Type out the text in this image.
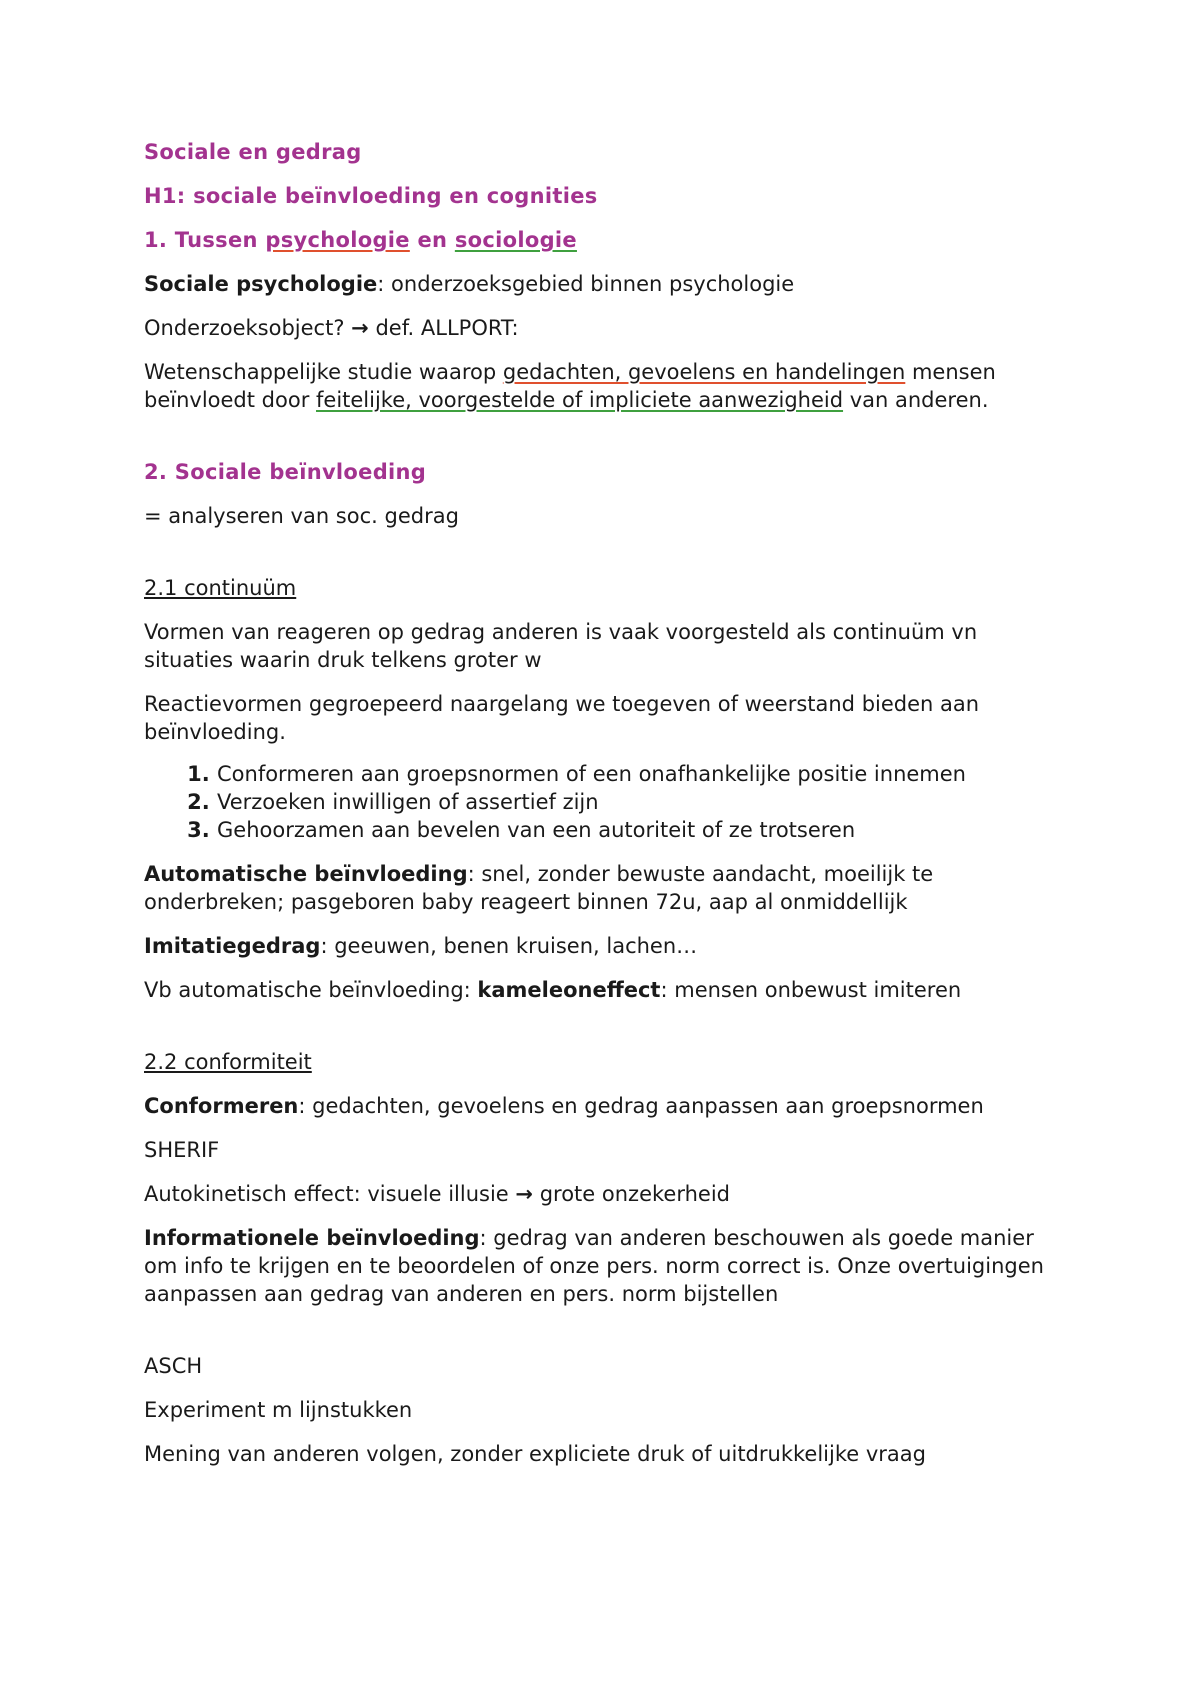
Sociale en gedrag

H1: sociale beïnvloeding en cognities

1. Tussen psychologie en sociologie

Sociale psychologie: onderzoeksgebied binnen psychologie

Onderzoeksobject? → def. ALLPORT:

Wetenschappelijke studie waarop gedachten, gevoelens en handelingen mensen beïnvloedt door feitelijke, voorgestelde of impliciete aanwezigheid van anderen.

2. Sociale beïnvloeding

= analyseren van soc. gedrag

2.1 continuüm

Vormen van reageren op gedrag anderen is vaak voorgesteld als continuüm vn situaties waarin druk telkens groter w

Reactievormen gegroepeerd naargelang we toegeven of weerstand bieden aan beïnvloeding.

1. Conformeren aan groepsnormen of een onafhankelijke positie innemen
2. Verzoeken inwilligen of assertief zijn
3. Gehoorzamen aan bevelen van een autoriteit of ze trotseren

Automatische beïnvloeding: snel, zonder bewuste aandacht, moeilijk te onderbreken; pasgeboren baby reageert binnen 72u, aap al onmiddellijk

Imitatiegedrag: geeuwen, benen kruisen, lachen…

Vb automatische beïnvloeding: kameleoneffect: mensen onbewust imiteren

2.2 conformiteit

Conformeren: gedachten, gevoelens en gedrag aanpassen aan groepsnormen

SHERIF

Autokinetisch effect: visuele illusie → grote onzekerheid

Informationele beïnvloeding: gedrag van anderen beschouwen als goede manier om info te krijgen en te beoordelen of onze pers. norm correct is. Onze overtuigingen aanpassen aan gedrag van anderen en pers. norm bijstellen

ASCH

Experiment m lijnstukken

Mening van anderen volgen, zonder expliciete druk of uitdrukkelijke vraag
